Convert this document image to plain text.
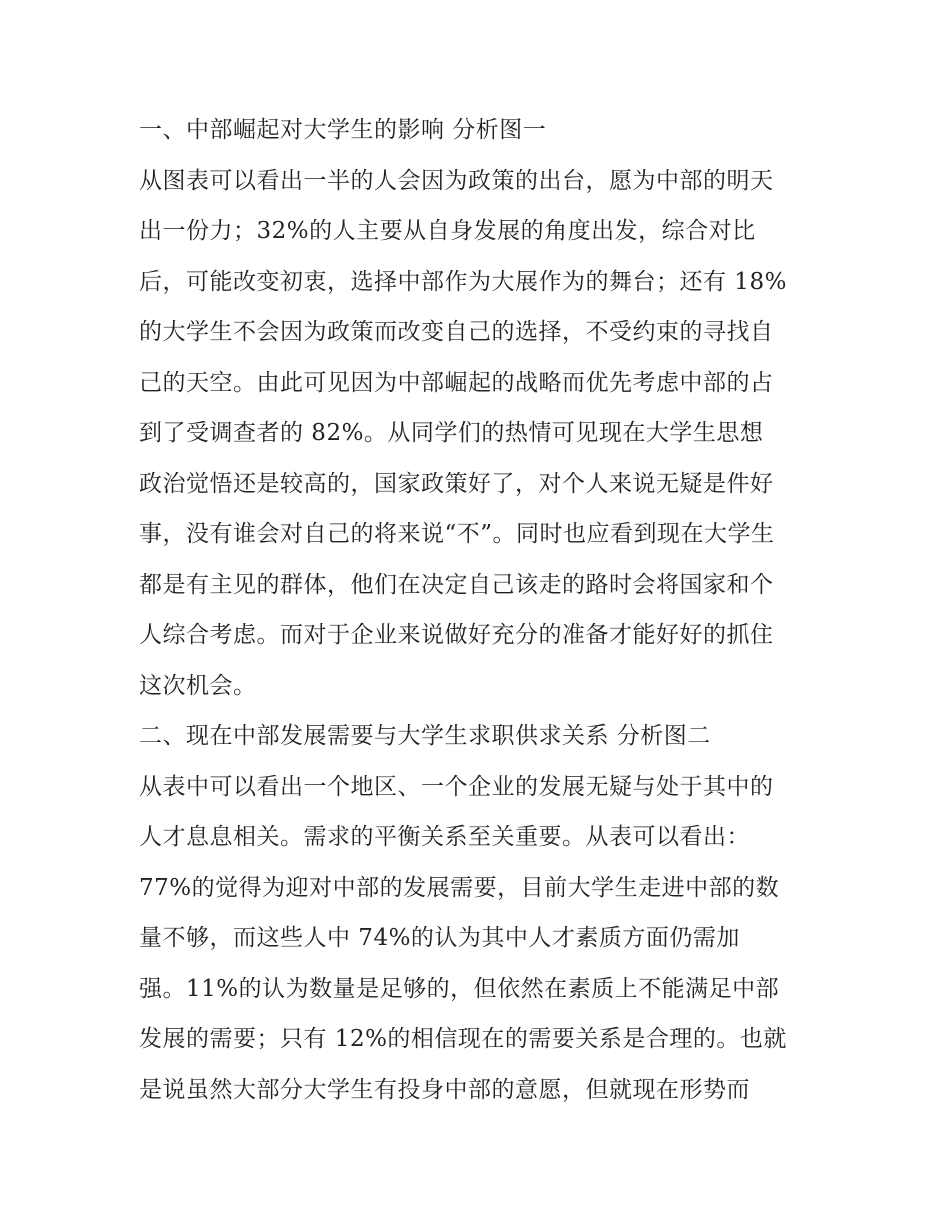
一、中部崛起对大学生的影响 分析图一
从图表可以看出一半的人会因为政策的出台，愿为中部的明天
出一份力；32%的人主要从自身发展的角度出发，综合对比
后，可能改变初衷，选择中部作为大展作为的舞台；还有 18%
的大学生不会因为政策而改变自己的选择，不受约束的寻找自
己的天空。由此可见因为中部崛起的战略而优先考虑中部的占
到了受调查者的 82%。从同学们的热情可见现在大学生思想
政治觉悟还是较高的，国家政策好了，对个人来说无疑是件好
事，没有谁会对自己的将来说“不”。同时也应看到现在大学生
都是有主见的群体，他们在决定自己该走的路时会将国家和个
人综合考虑。而对于企业来说做好充分的准备才能好好的抓住
这次机会。
二、现在中部发展需要与大学生求职供求关系 分析图二
从表中可以看出一个地区、一个企业的发展无疑与处于其中的
人才息息相关。需求的平衡关系至关重要。从表可以看出：
77%的觉得为迎对中部的发展需要，目前大学生走进中部的数
量不够，而这些人中 74%的认为其中人才素质方面仍需加
强。11%的认为数量是足够的，但依然在素质上不能满足中部
发展的需要；只有 12%的相信现在的需要关系是合理的。也就
是说虽然大部分大学生有投身中部的意愿，但就现在形势而
